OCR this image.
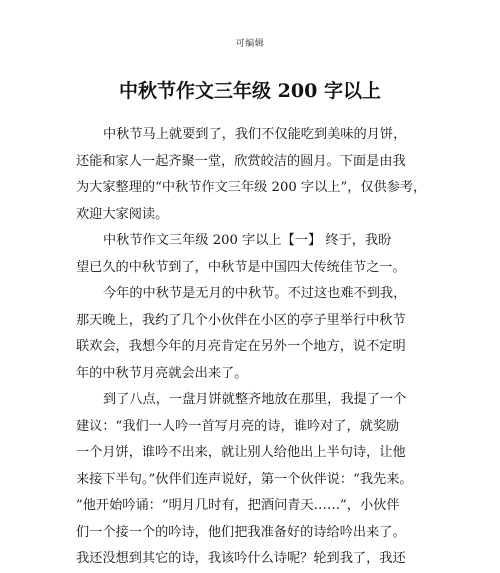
可编辑
中秋节作文三年级 200 字以上
中秋节马上就要到了，我们不仅能吃到美味的月饼，
还能和家人一起齐聚一堂，欣赏皎洁的圆月。下面是由我
为大家整理的“中秋节作文三年级 200 字以上”，仅供参考，
欢迎大家阅读。
中秋节作文三年级 200 字以上【一】 终于，我盼
望已久的中秋节到了，中秋节是中国四大传统佳节之一。
今年的中秋节是无月的中秋节。不过这也难不到我，
那天晚上，我约了几个小伙伴在小区的亭子里举行中秋节
联欢会，我想今年的月亮肯定在另外一个地方，说不定明
年的中秋节月亮就会出来了。
到了八点，一盘月饼就整齐地放在那里，我提了一个
建议：“我们一人吟一首写月亮的诗，谁吟对了，就奖励
一个月饼，谁吟不出来，就让别人给他出上半句诗，让他
来接下半句。”伙伴们连声说好，第一个伙伴说：“我先来。
”他开始吟诵：“明月几时有，把酒问青天……”，小伙伴
们一个接一个的吟诗，他们把我准备好的诗给吟出来了。
我还没想到其它的诗，我该吟什么诗呢？轮到我了，我还
